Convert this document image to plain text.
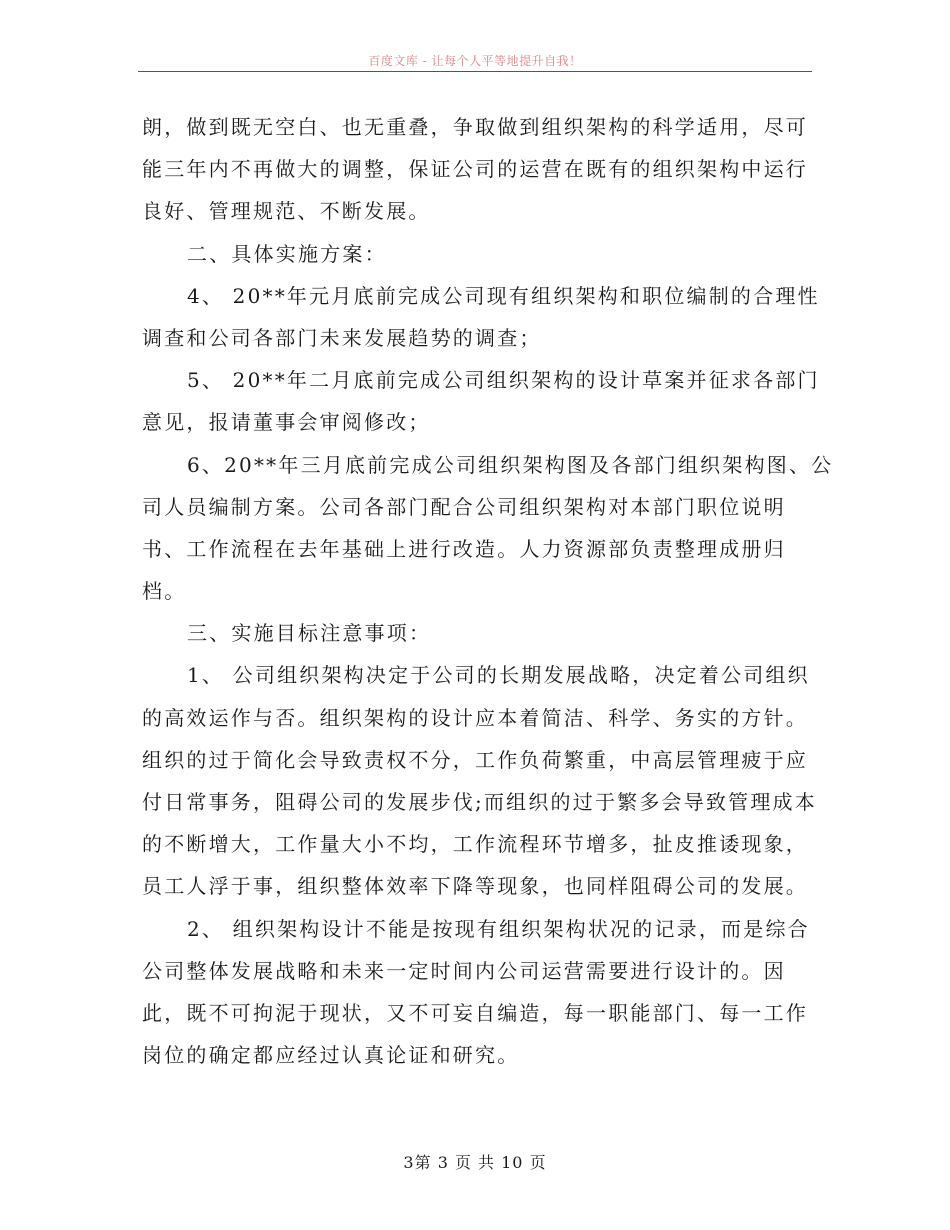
百度文库 - 让每个人平等地提升自我！
朗，做到既无空白、也无重叠，争取做到组织架构的科学适用，尽可
能三年内不再做大的调整，保证公司的运营在既有的组织架构中运行
良好、管理规范、不断发展。
二、具体实施方案：
4、 20**年元月底前完成公司现有组织架构和职位编制的合理性
调查和公司各部门未来发展趋势的调查；
5、 20**年二月底前完成公司组织架构的设计草案并征求各部门
意见，报请董事会审阅修改；
6、20**年三月底前完成公司组织架构图及各部门组织架构图、公
司人员编制方案。公司各部门配合公司组织架构对本部门职位说明
书、工作流程在去年基础上进行改造。人力资源部负责整理成册归
档。
三、实施目标注意事项：
1、 公司组织架构决定于公司的长期发展战略，决定着公司组织
的高效运作与否。组织架构的设计应本着简洁、科学、务实的方针。
组织的过于简化会导致责权不分，工作负荷繁重，中高层管理疲于应
付日常事务，阻碍公司的发展步伐;而组织的过于繁多会导致管理成本
的不断增大，工作量大小不均，工作流程环节增多，扯皮推诿现象，
员工人浮于事，组织整体效率下降等现象，也同样阻碍公司的发展。
2、 组织架构设计不能是按现有组织架构状况的记录，而是综合
公司整体发展战略和未来一定时间内公司运营需要进行设计的。因
此，既不可拘泥于现状，又不可妄自编造，每一职能部门、每一工作
岗位的确定都应经过认真论证和研究。
3第 3 页 共 10 页
